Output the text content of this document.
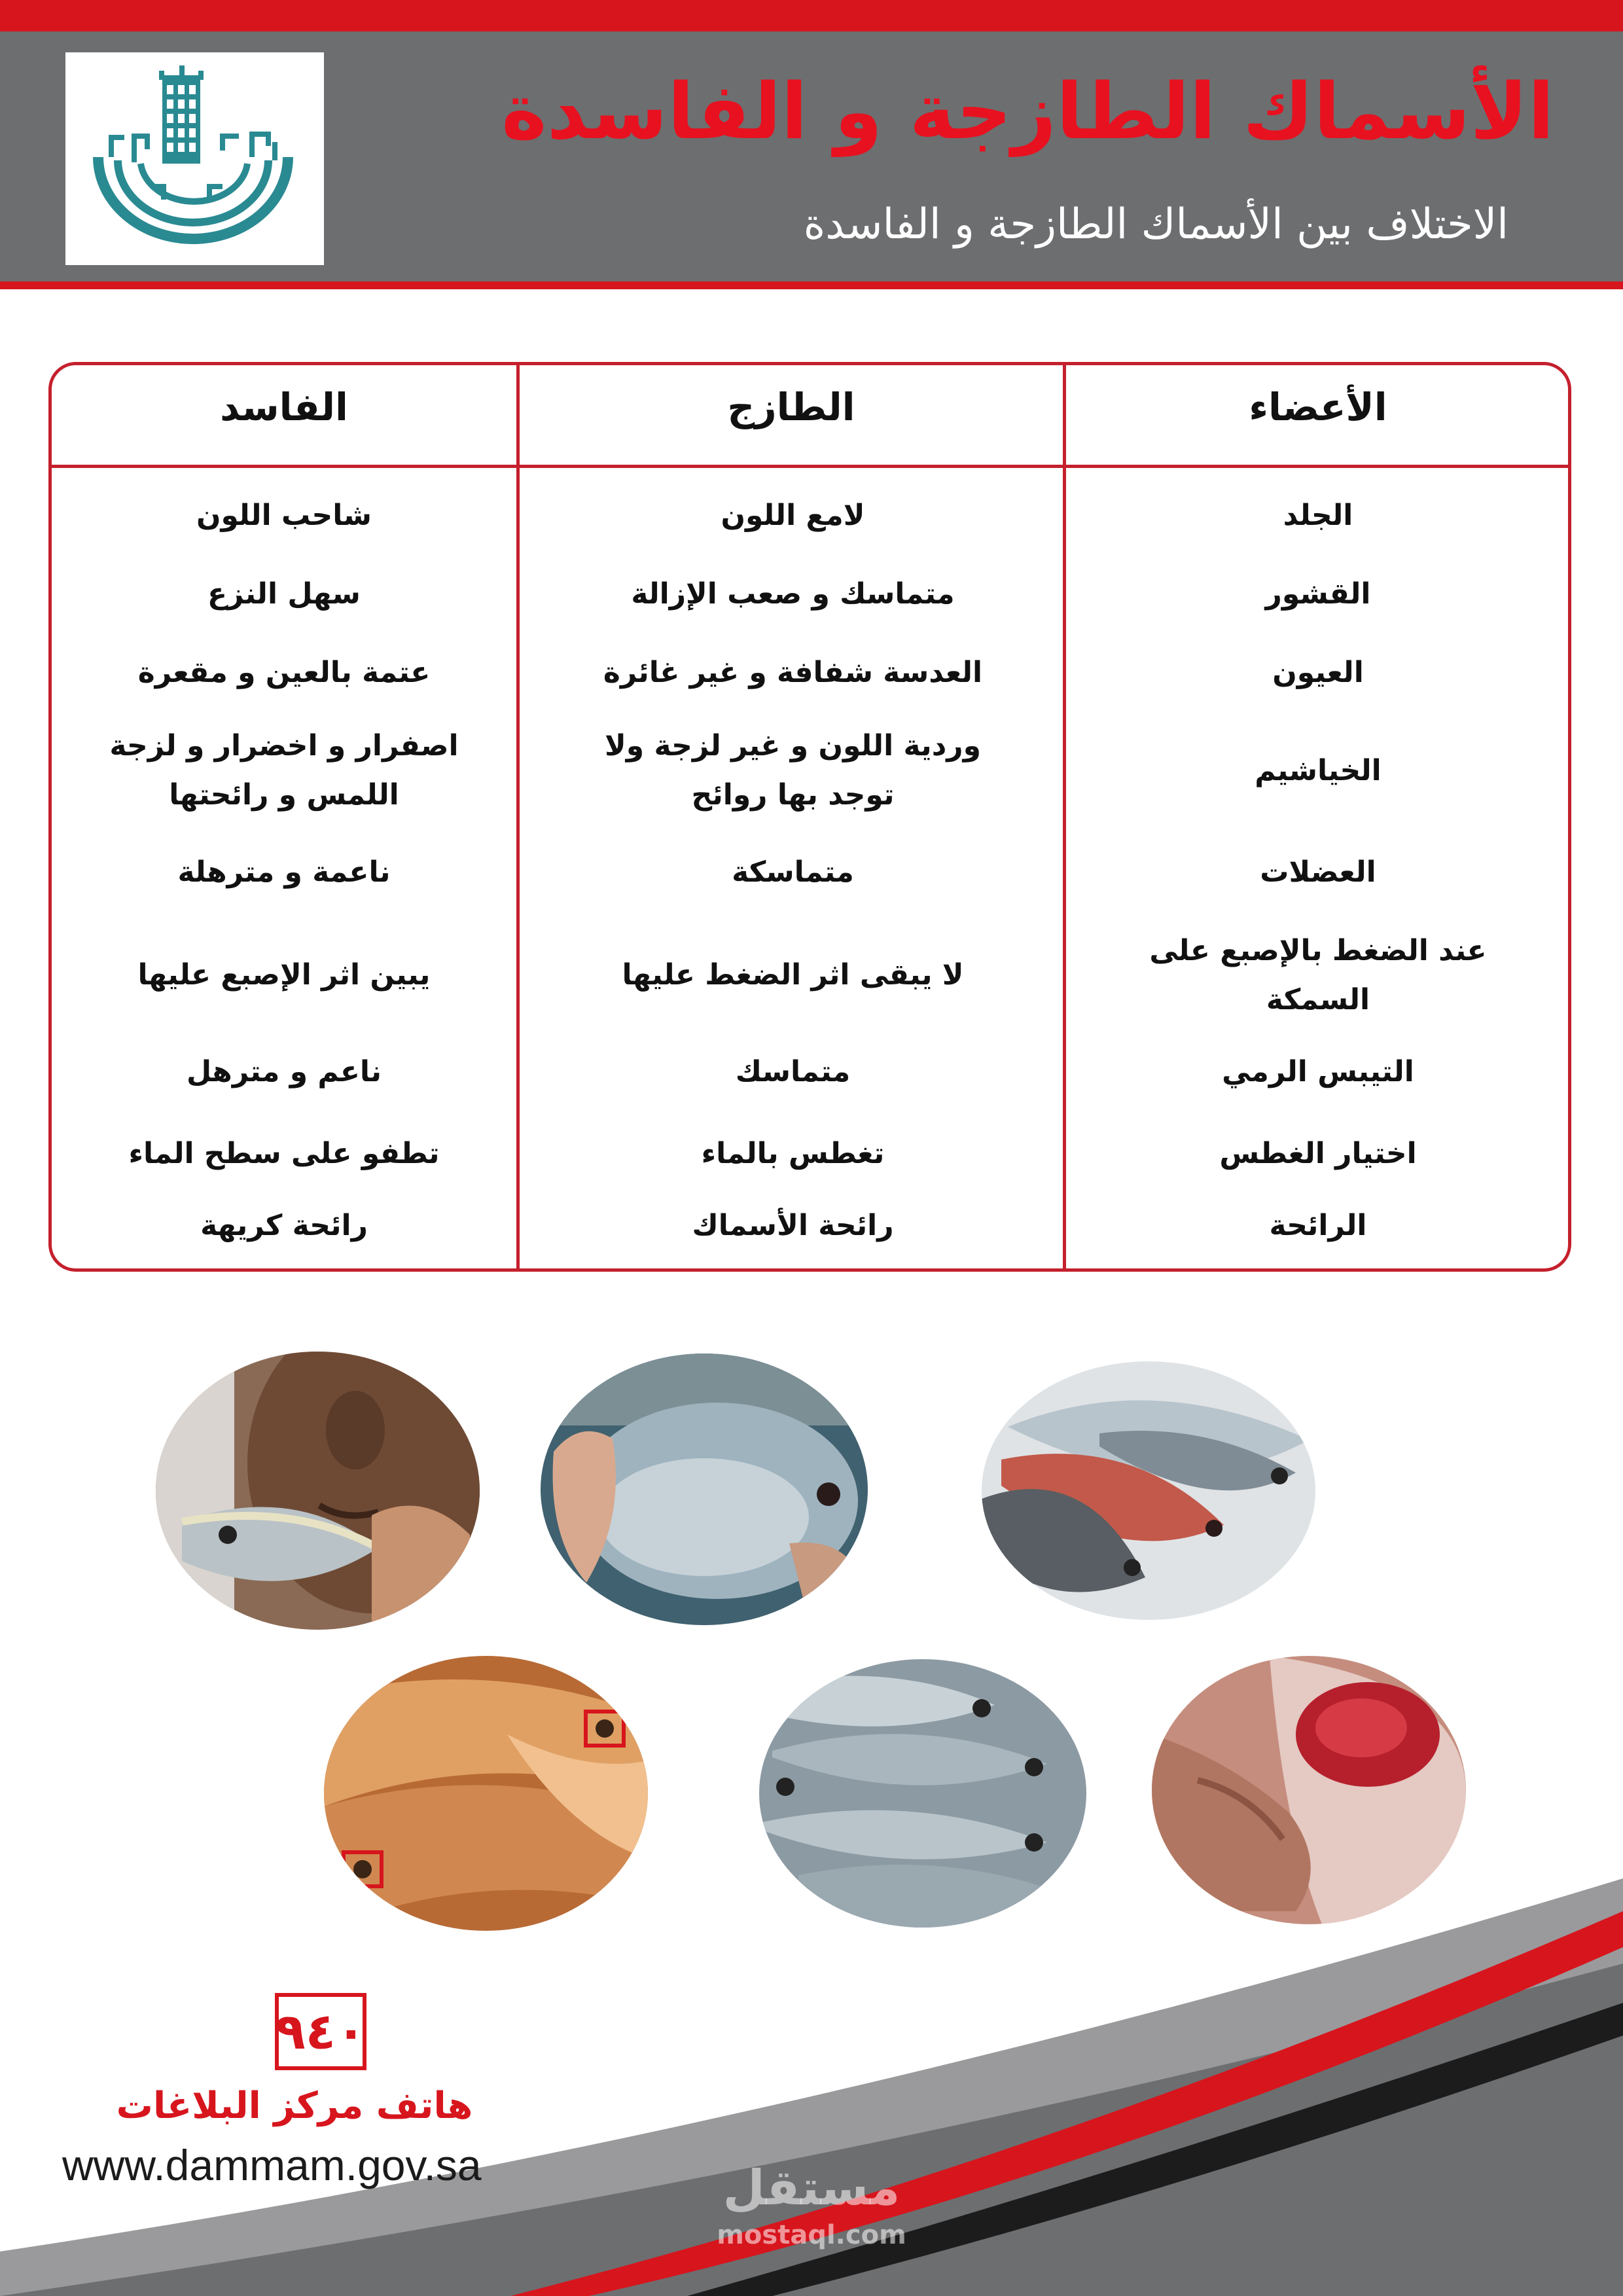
الأسماك الطازجة و الفاسدة
الاختلاف بين الأسماك الطازجة و الفاسدة
الأعضاء
الطازج
الفاسد
الجلد
لامع اللون
شاحب اللون
القشور
متماسك و صعب الإزالة
سهل النزع
العيون
العدسة شفافة و غير غائرة
عتمة بالعين و مقعرة
الخياشيم
وردية اللون و غير لزجة ولا توجد بها روائح
اصفرار و اخضرار و لزجة اللمس و رائحتها
العضلات
متماسكة
ناعمة و مترهلة
عند الضغط بالإصبع على السمكة
لا يبقى اثر الضغط عليها
يبين اثر الإصبع عليها
التيبس الرمي
متماسك
ناعم و مترهل
اختيار الغطس
تغطس بالماء
تطفو على سطح الماء
الرائحة
رائحة الأسماك
رائحة كريهة
٩٤٠
هاتف مركز البلاغات
www.dammam.gov.sa	مستقل
mostaql.com
